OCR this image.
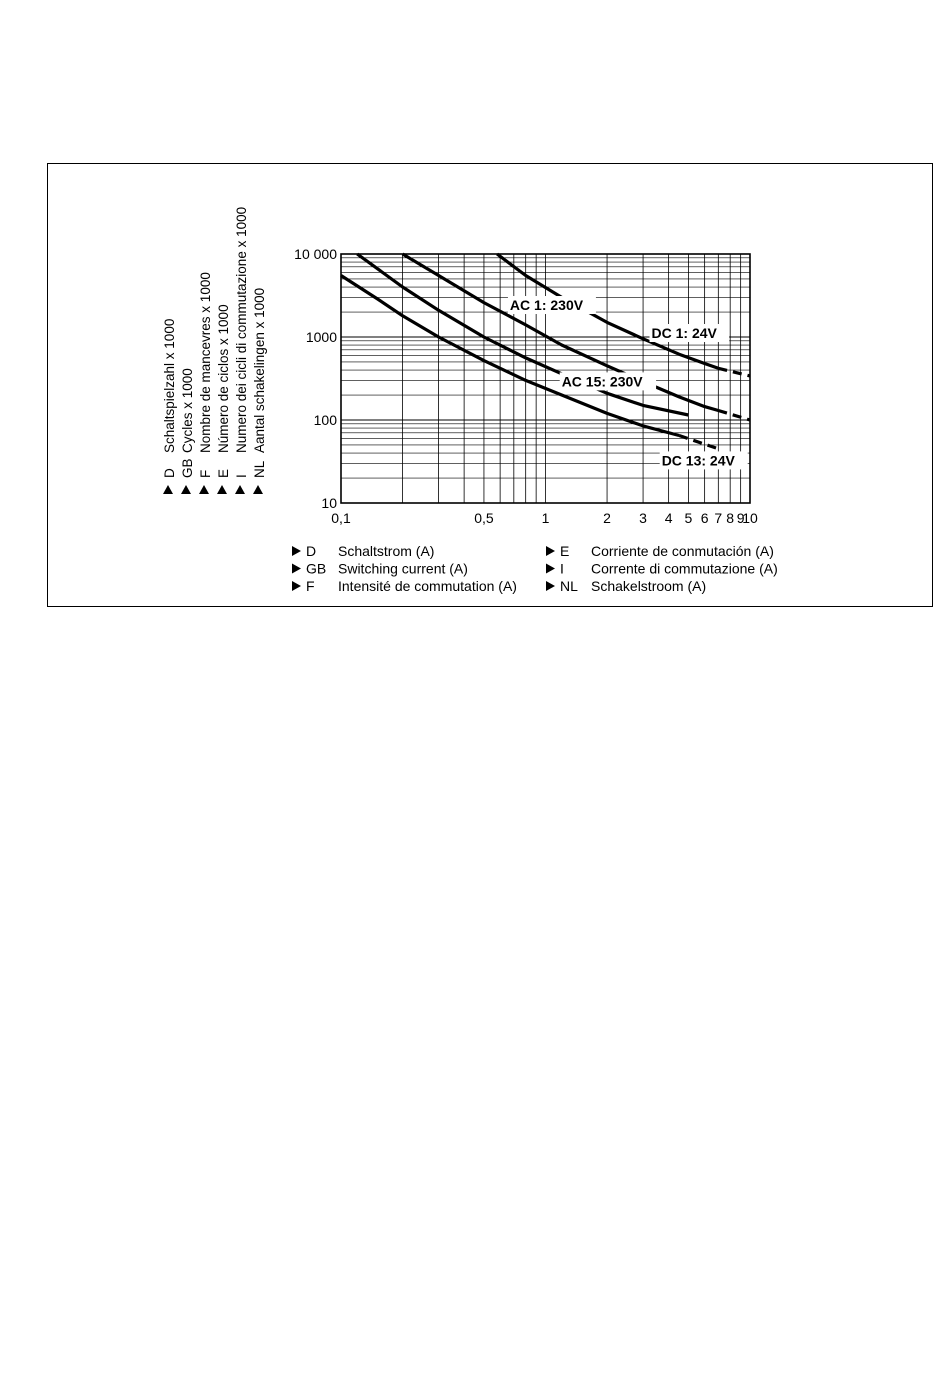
10 000
1000
100
10
0,1	0,5	1	2 3 4 5 6 7 8 9
10
DC 1: 24V
AC 1: 230V
AC 15: 230V
DC 13: 24V
D
Schaltspielzahl x 1000
GB
Cycles x 1000
F
Nombre de mancevres x 1000
E
Número de ciclos x 1000
I
Numero dei cicli di commutazione x 1000
NL
Aantal schakelingen x 1000
D Schaltstrom (A)
GB Switching current (A)
F Intensité de commutation (A)
E Corriente de conmutación (A)
I Corrente di commutazione (A)
NL Schakelstroom (A)
